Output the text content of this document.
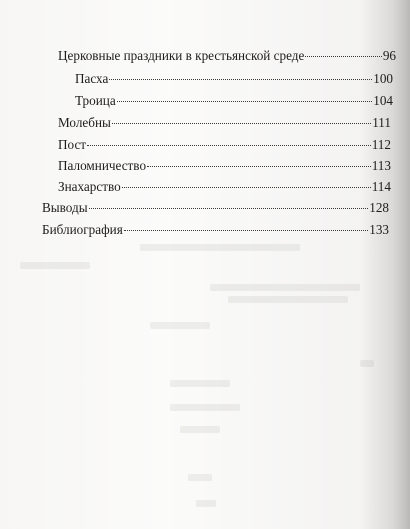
Церковные праздники в крестьянской среде	96
Пасха	100
Троица	104
Молебны	111
Пост	112
Паломничество	113
Знахарство	114
Выводы	128
Библиография	133
